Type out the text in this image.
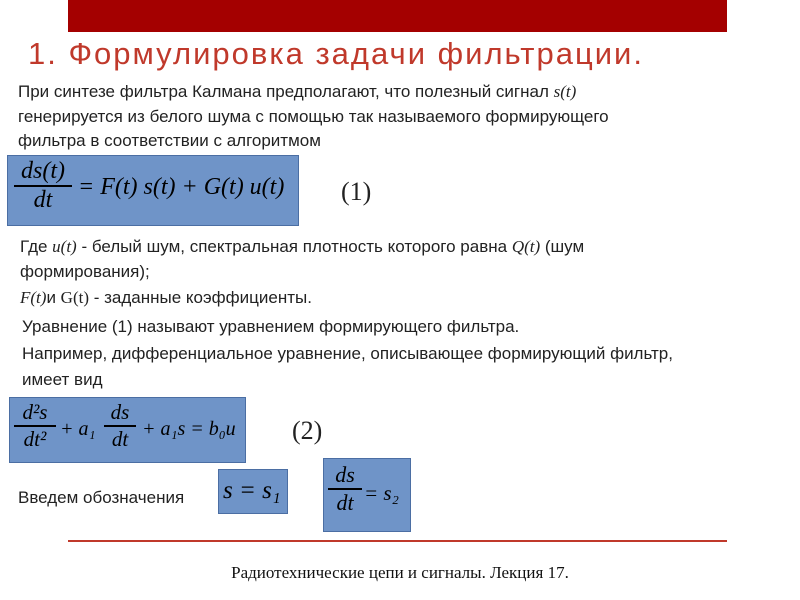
1. Формулировка задачи фильтрации.
При синтезе фильтра Калмана предполагают, что полезный сигнал s(t)
генерируется из белого шума с помощью так называемого формирующего
фильтра в соответствии с алгоритмом
ds(t)
dt	= F(t) s(t) + G(t) u(t) (1)
Где u(t) - белый шум, спектральная плотность которого равна Q(t) (шум
формирования);
F(t)и G(t) - заданные коэффициенты.
Уравнение (1) называют уравнением формирующего фильтра.
Например, дифференциальное уравнение, описывающее формирующий фильтр,
имеет вид
d²s
dt² + a₁
ds
dt + a₁s = b₀u (2)
Введем обозначения s = s₁
ds
dt = s₂
Радиотехнические цепи и сигналы. Лекция 17.
